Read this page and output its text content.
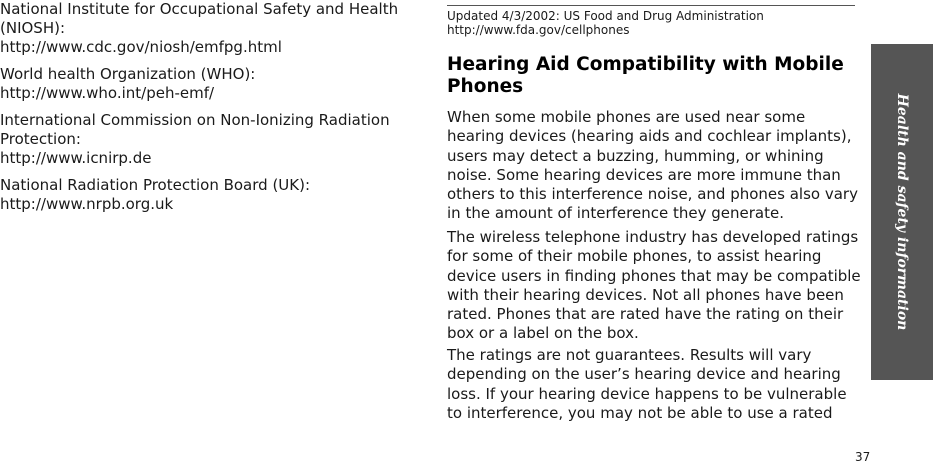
National Institute for Occupational Safety and Health
(NIOSH):
http://www.cdc.gov/niosh/emfpg.html
World health Organization (WHO):
http://www.who.int/peh-emf/
International Commission on Non-Ionizing Radiation
Protection:
http://www.icnirp.de
National Radiation Protection Board (UK):
http://www.nrpb.org.uk
Updated 4/3/2002: US Food and Drug Administration
http://www.fda.gov/cellphones
Hearing Aid Compatibility with Mobile
Phones
When some mobile phones are used near some
hearing devices (hearing aids and cochlear implants),
users may detect a buzzing, humming, or whining
noise. Some hearing devices are more immune than
others to this interference noise, and phones also vary
in the amount of interference they generate.
The wireless telephone industry has developed ratings
for some of their mobile phones, to assist hearing
device users in finding phones that may be compatible
with their hearing devices. Not all phones have been
rated. Phones that are rated have the rating on their
box or a label on the box.
The ratings are not guarantees. Results will vary
depending on the user’s hearing device and hearing
loss. If your hearing device happens to be vulnerable
to interference, you may not be able to use a rated
Health and safety information
37
